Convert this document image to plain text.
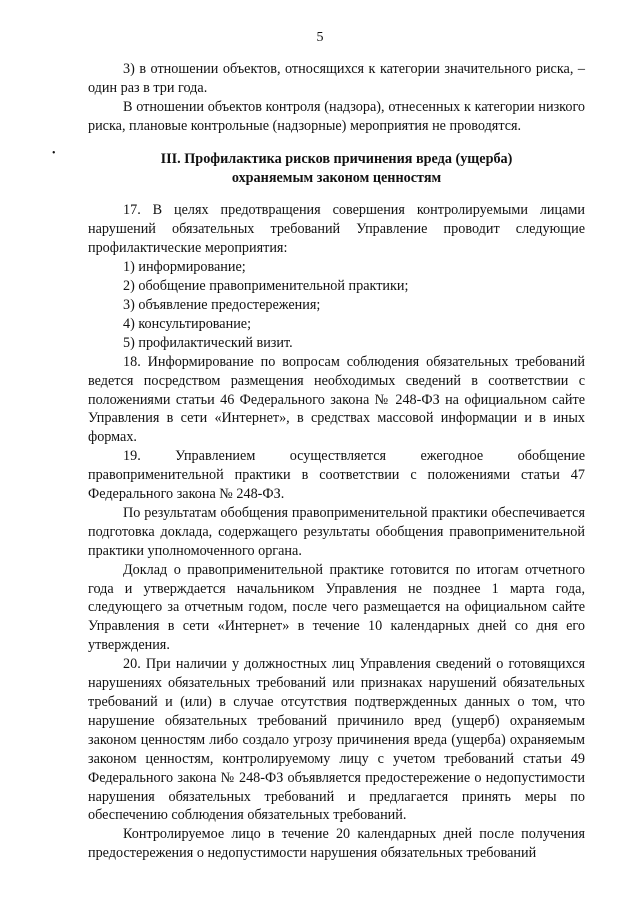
5
•

3) в отношении объектов, относящихся к категории значительного риска, – один раз в три года.

В отношении объектов контроля (надзора), отнесенных к категории низкого риска, плановые контрольные (надзорные) мероприятия не проводятся.

III. Профилактика рисков причинения вреда (ущерба)

охраняемым законом ценностям

17. В целях предотвращения совершения контролируемыми лицами нарушений обязательных требований Управление проводит следующие профилактические мероприятия:

1) информирование;

2) обобщение правоприменительной практики;

3) объявление предостережения;

4) консультирование;

5) профилактический визит.

18. Информирование по вопросам соблюдения обязательных требований ведется посредством размещения необходимых сведений в соответствии с положениями статьи 46 Федерального закона № 248-ФЗ на официальном сайте Управления в сети «Интернет», в средствах массовой информации и в иных формах.

19. Управлением осуществляется ежегодное обобщение правоприменительной практики в соответствии с положениями статьи 47 Федерального закона № 248-ФЗ.

По результатам обобщения правоприменительной практики обеспечивается подготовка доклада, содержащего результаты обобщения правоприменительной практики уполномоченного органа.

Доклад о правоприменительной практике готовится по итогам отчетного года и утверждается начальником Управления не позднее 1 марта года, следующего за отчетным годом, после чего размещается на официальном сайте Управления в сети «Интернет» в течение 10 календарных дней со дня его утверждения.

20. При наличии у должностных лиц Управления сведений о готовящихся нарушениях обязательных требований или признаках нарушений обязательных требований и (или) в случае отсутствия подтвержденных данных о том, что нарушение обязательных требований причинило вред (ущерб) охраняемым законом ценностям либо создало угрозу причинения вреда (ущерба) охраняемым законом ценностям, контролируемому лицу с учетом требований статьи 49 Федерального закона № 248-ФЗ объявляется предостережение о недопустимости нарушения обязательных требований и предлагается принять меры по обеспечению соблюдения обязательных требований.

Контролируемое лицо в течение 20 календарных дней после получения предостережения о недопустимости нарушения обязательных требований
